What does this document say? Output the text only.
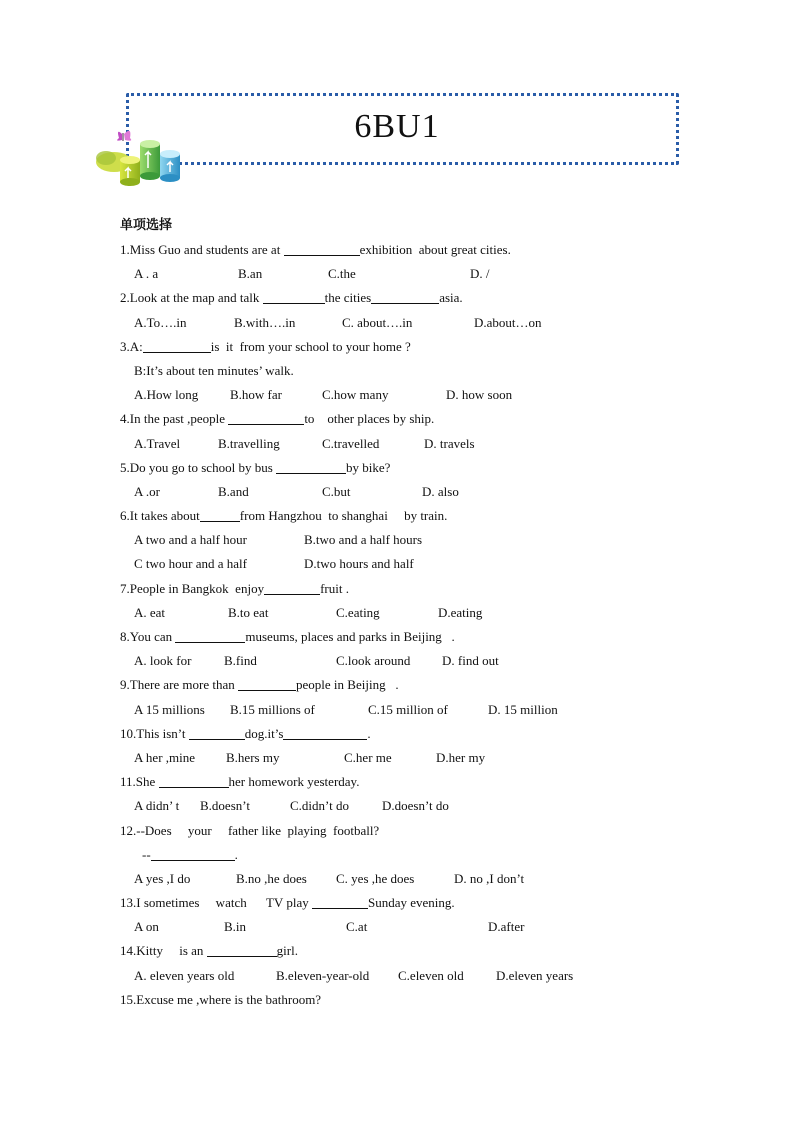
6BU1
单项选择
1.Miss Guo and students are at	exhibition  about great cities.
A . a	B.an	C.the	D. /
2.Look at the map and talk	the cities	asia.
A.To….in	B.with….in	C. about….in	D.about…on
3.A:	is  it  from your school to your home ?
B:It’s about ten minutes’ walk.
A.How long B.how far	C.how many	D. how soon
4.In the past ,people	to    other places by ship.
A.Travel	B.travelling	C.travelled	D. travels
5.Do you go to school by bus	by bike?
A .or	B.and	C.but	D. also
6.It takes about	from Hangzhou  to shanghai     by train.
A two and a half hour	B.two and a half hours
C two hour and a half	D.two hours and half
7.People in Bangkok  enjoy	fruit .
A. eat	B.to eat	C.eating	D.eating
8.You can	museums, places and parks in Beijing   .
A. look for	B.find	C.look around D. find out
9.There are more than	people in Beijing   .
A 15 millions B.15 millions of	C.15 million of	D. 15 million
10.This isn’t	dog.it’s	.
A her ,mine B.hers my	C.her me	D.her my
11.She	her homework yesterday.
A didn’ t B.doesn’t	C.didn’t do	D.doesn’t do
12.--Does     your     father like  playing  football?
--	.
A yes ,I do	B.no ,he does C. yes ,he does	D. no ,I don’t
13.I sometimes     watch      TV play	Sunday evening.
A on	B.in	C.at	D.after
14.Kitty     is an	girl.
A. eleven years old	B.eleven-year-old C.eleven old D.eleven years
15.Excuse me ,where is the bathroom?
